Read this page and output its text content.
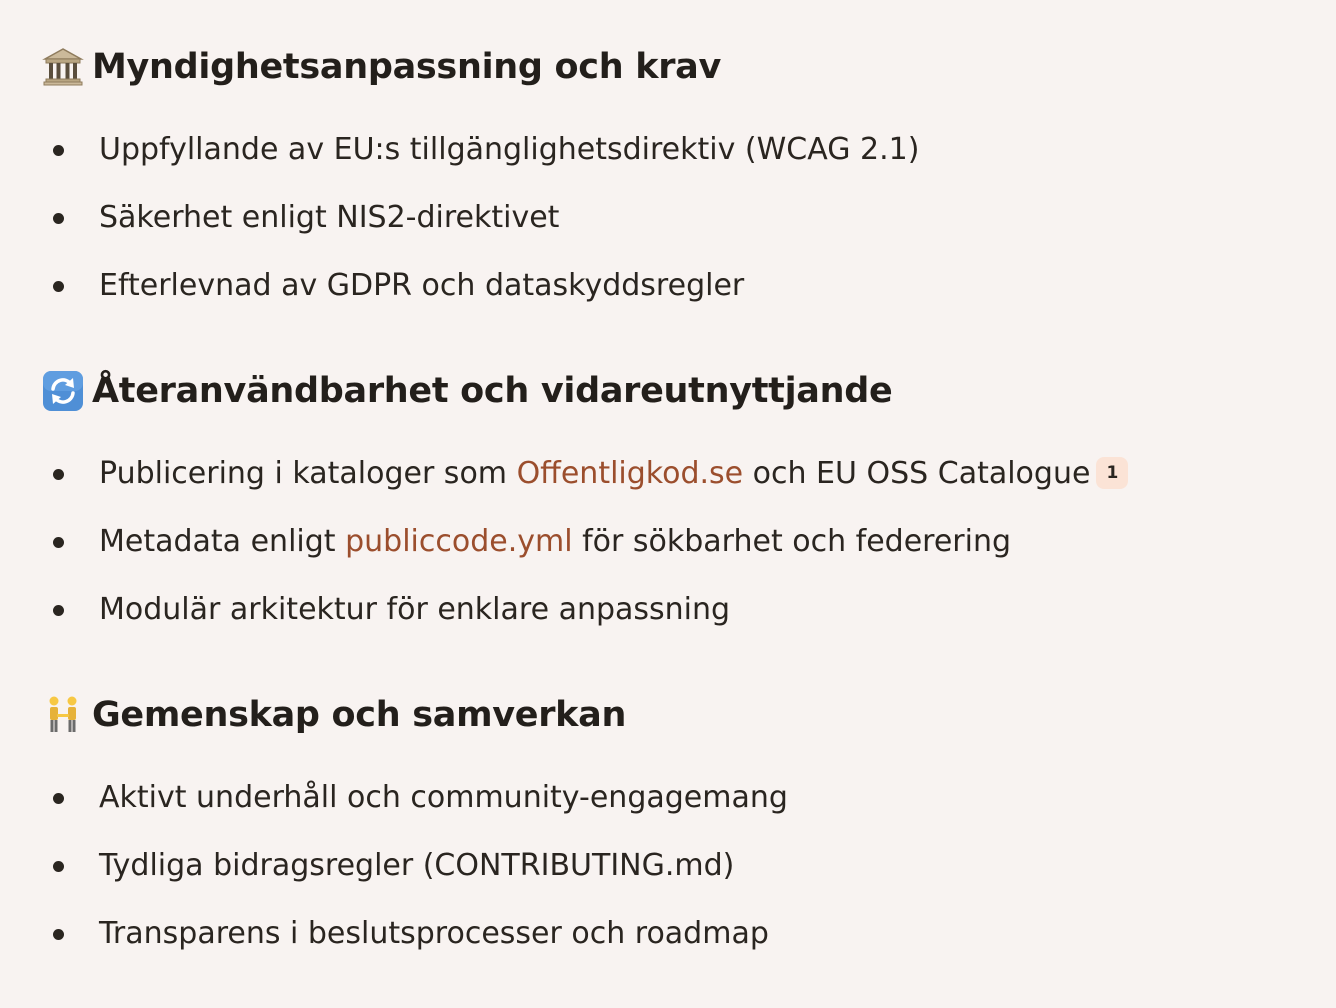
Myndighetsanpassning och krav
Uppfyllande av EU:s tillgänglighetsdirektiv (WCAG 2.1)
Säkerhet enligt NIS2-direktivet
Efterlevnad av GDPR och dataskyddsregler
Återanvändbarhet och vidareutnyttjande
Publicering i kataloger som Offentligkod.se och EU OSS Catalogue 1
Metadata enligt publiccode.yml för sökbarhet och federering
Modulär arkitektur för enklare anpassning
Gemenskap och samverkan
Aktivt underhåll och community-engagemang
Tydliga bidragsregler (CONTRIBUTING.md)
Transparens i beslutsprocesser och roadmap
